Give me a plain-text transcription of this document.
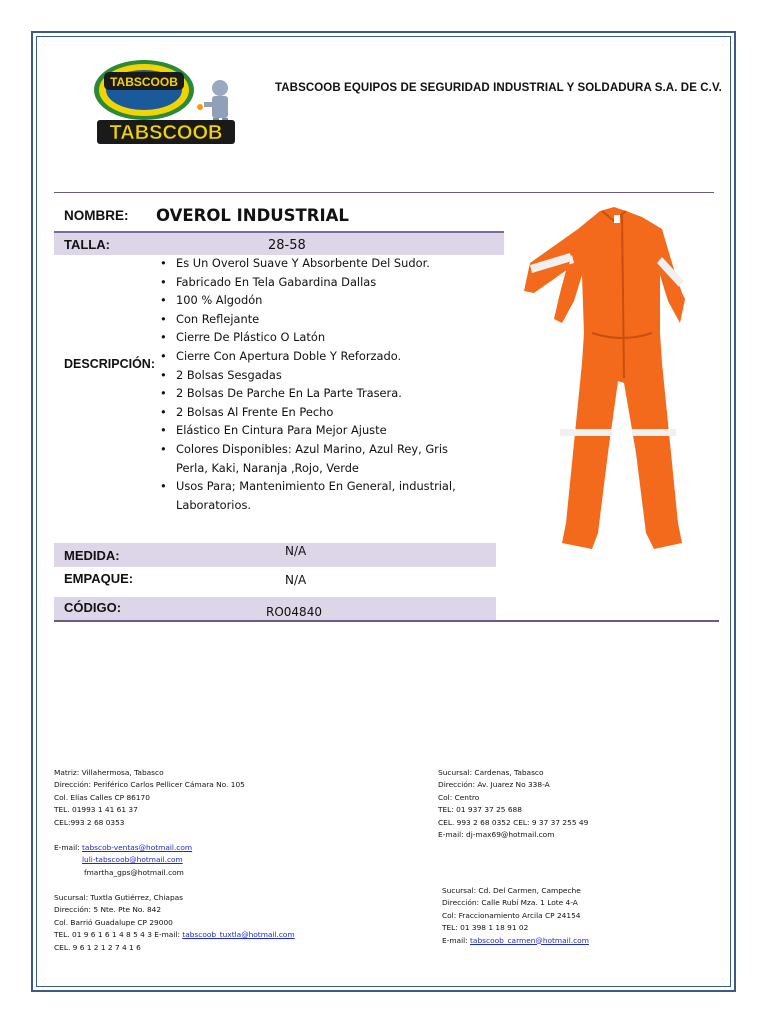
TABSCOOB
TABSCOOB
TABSCOOB EQUIPOS DE SEGURIDAD INDUSTRIAL Y SOLDADURA S.A. DE C.V.
NOMBRE: OVEROL INDUSTRIAL
TALLA:	28-58
DESCRIPCIÓN:
• Es Un Overol Suave Y Absorbente Del Sudor.
• Fabricado En Tela Gabardina Dallas
• 100 % Algodón
• Con Reflejante
• Cierre De Plástico O Latón
• Cierre Con Apertura Doble Y Reforzado.
• 2 Bolsas Sesgadas
• 2 Bolsas De Parche En La Parte Trasera.
• 2 Bolsas Al Frente En Pecho
• Elástico En Cintura Para Mejor Ajuste
• Colores Disponibles: Azul Marino, Azul Rey, Gris Perla, Kaki, Naranja ,Rojo, Verde
• Usos Para; Mantenimiento En General, industrial, Laboratorios.
MEDIDA:	N/A
EMPAQUE:	N/A
CÓDIGO:	RO04840
Matriz: Villahermosa, Tabasco
Dirección: Periférico Carlos Pellicer Cámara No. 105
Col. Elías Calles CP 86170
TEL. 01993 1 41 61 37
CEL:993 2 68 0353
E-mail: tabscob-ventas@hotmail.com
luli-tabscoob@hotmail.com
fmartha_gps@hotmail.com
Sucursal: Cardenas, Tabasco
Dirección: Av. Juarez No 338-A
Col: Centro
TEL: 01 937 37 25 688
CEL. 993 2 68 0352 CEL: 9 37 37 255 49
E-mail: dj-max69@hotmail.com
Sucursal: Tuxtla Gutiérrez, Chiapas
Dirección: 5 Nte. Pte No. 842
Col. Barrió Guadalupe CP 29000
TEL. 01 9 6 1 6 1 4 8 5 4 3 E-mail: tabscoob_tuxtla@hotmail.com
CEL. 9 6 1 2 1 2 7 4 1 6
Sucursal: Cd. Del Carmen, Campeche
Dirección: Calle Rubí Mza. 1 Lote 4-A
Col: Fraccionamiento Arcila CP 24154
TEL: 01 398 1 18 91 02
E-mail: tabscoob_carmen@hotmail.com
